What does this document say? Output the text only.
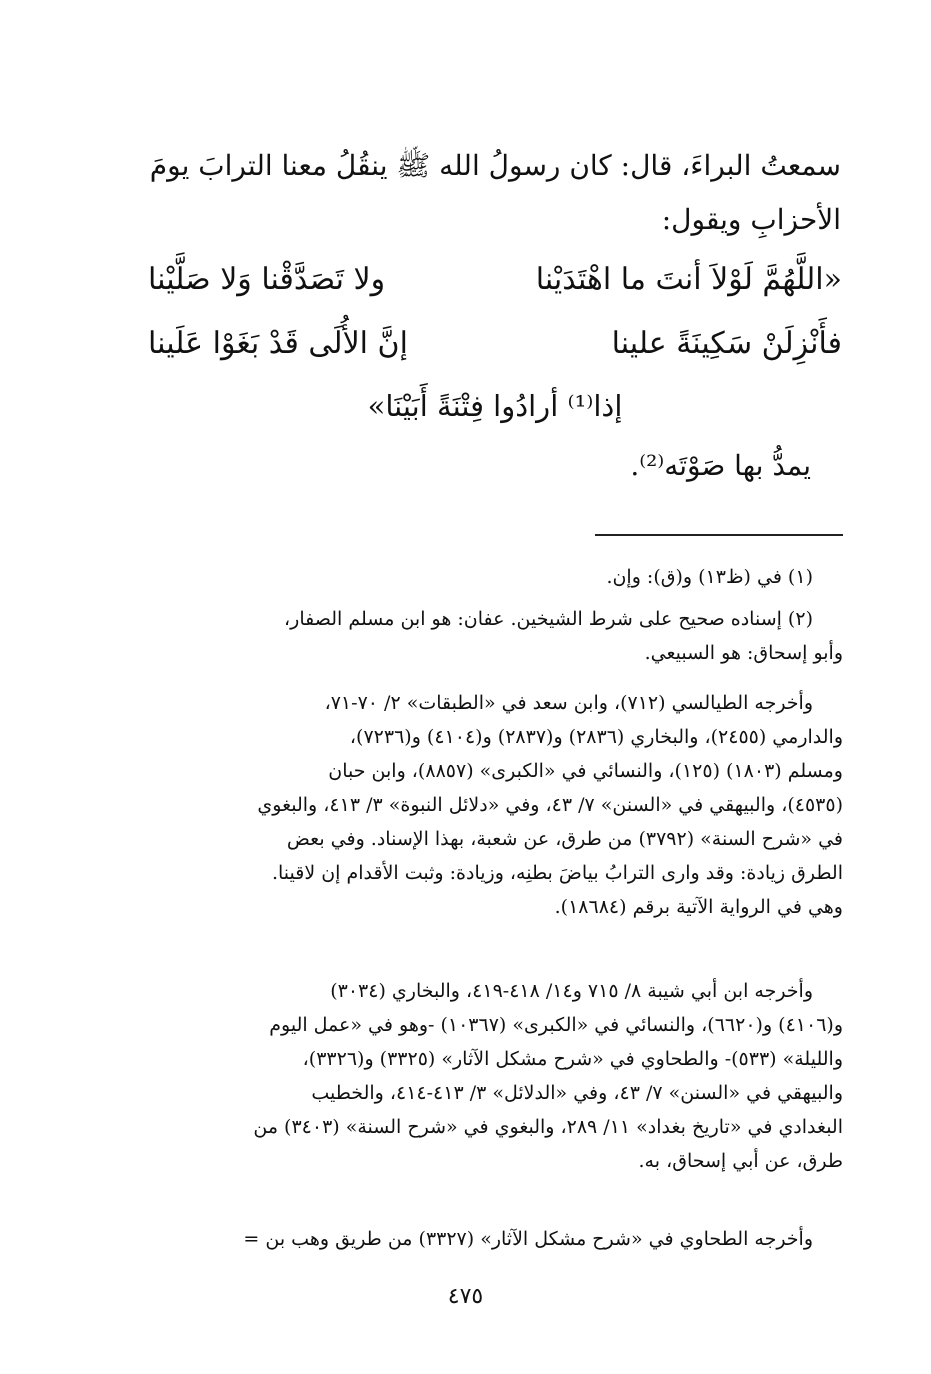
سمعتُ البراءَ، قال: كان رسولُ الله ﷺ ينقُلُ معنا الترابَ يومَ
الأحزابِ ويقول:
«اللَّهُمَّ لَوْلاَ أنتَ ما اهْتَدَيْنا
ولا تَصَدَّقْنا وَلا صَلَّيْنا
فأَنْزِلَنْ سَكِينَةً علينا
إنَّ الأُلَى قَدْ بَغَوْا عَلَينا
إذا⁽¹⁾ أرادُوا فِتْنَةً أَبَيْنَا»
يمدُّ بها صَوْتَه⁽²⁾.
(١) في (ظ١٣) و(ق): وإن.
(٢) إسناده صحيح على شرط الشيخين. عفان: هو ابن مسلم الصفار،
وأبو إسحاق: هو السبيعي.
وأخرجه الطيالسي (٧١٢)، وابن سعد في «الطبقات» ٢/ ٧٠-٧١،
والدارمي (٢٤٥٥)، والبخاري (٢٨٣٦) و(٢٨٣٧) و(٤١٠٤) و(٧٢٣٦)،
ومسلم (١٨٠٣) (١٢٥)، والنسائي في «الكبرى» (٨٨٥٧)، وابن حبان
(٤٥٣٥)، والبيهقي في «السنن» ٧/ ٤٣، وفي «دلائل النبوة» ٣/ ٤١٣، والبغوي
في «شرح السنة» (٣٧٩٢) من طرق، عن شعبة، بهذا الإسناد. وفي بعض
الطرق زيادة: وقد وارى الترابُ بياضَ بطنِه، وزيادة: وثبت الأقدام إن لاقينا.
وهي في الرواية الآتية برقم (١٨٦٨٤).
وأخرجه ابن أبي شيبة ٨/ ٧١٥ و١٤/ ٤١٨-٤١٩، والبخاري (٣٠٣٤)
و(٤١٠٦) و(٦٦٢٠)، والنسائي في «الكبرى» (١٠٣٦٧) -وهو في «عمل اليوم
والليلة» (٥٣٣)- والطحاوي في «شرح مشكل الآثار» (٣٣٢٥) و(٣٣٢٦)،
والبيهقي في «السنن» ٧/ ٤٣، وفي «الدلائل» ٣/ ٤١٣-٤١٤، والخطيب
البغدادي في «تاريخ بغداد» ١١/ ٢٨٩، والبغوي في «شرح السنة» (٣٤٠٣) من
طرق، عن أبي إسحاق، به.
وأخرجه الطحاوي في «شرح مشكل الآثار» (٣٣٢٧) من طريق وهب بن =
٤٧٥
